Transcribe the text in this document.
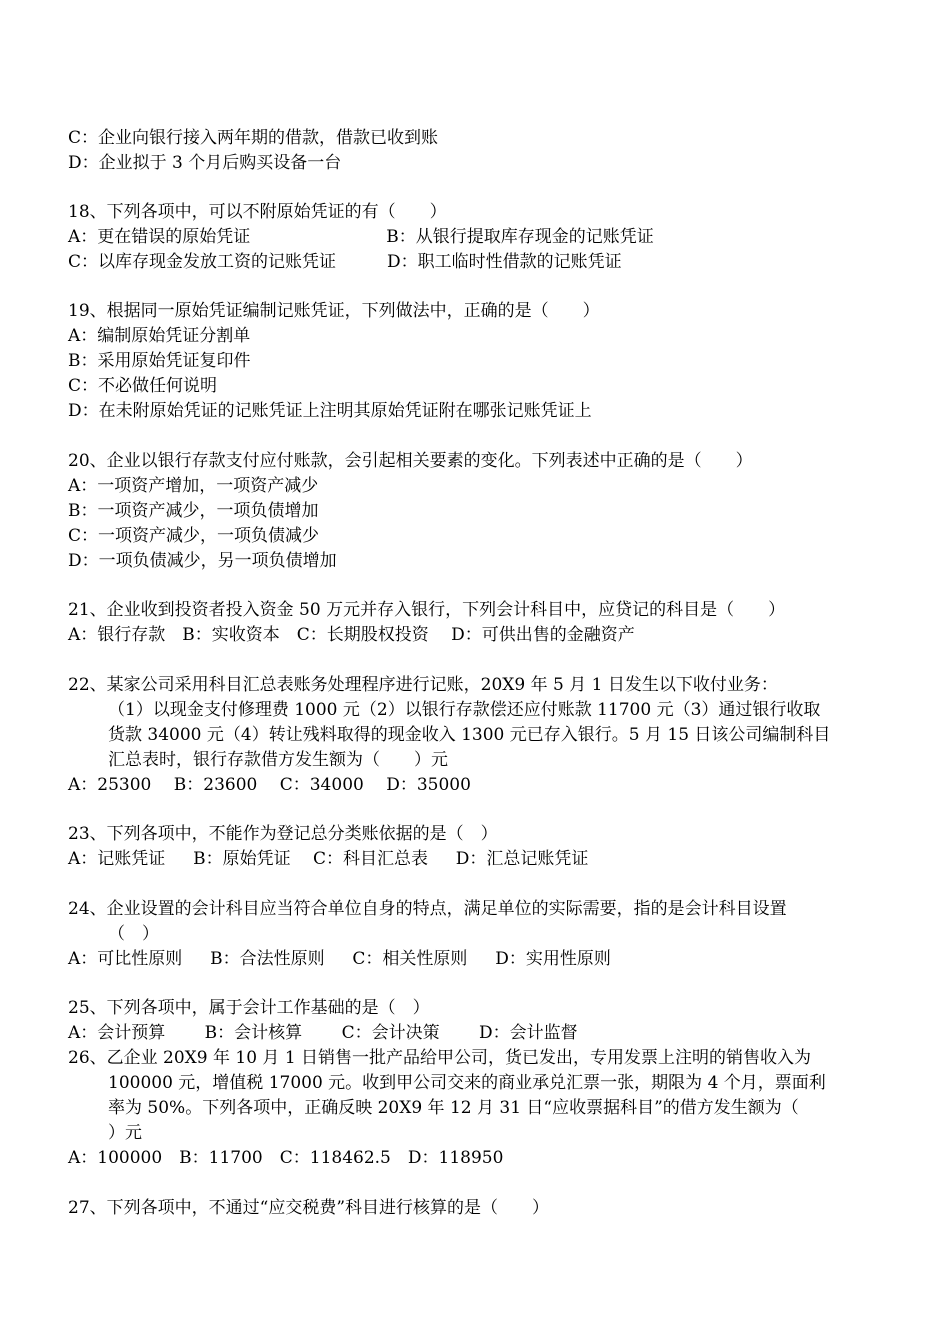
C：企业向银行接入两年期的借款，借款已收到账
D：企业拟于 3 个月后购买设备一台
18、下列各项中，可以不附原始凭证的有（　　）
A：更在错误的原始凭证　　　　　　　　B：从银行提取库存现金的记账凭证
C：以库存现金发放工资的记账凭证　　　D：职工临时性借款的记账凭证
19、根据同一原始凭证编制记账凭证，下列做法中，正确的是（　　）
A：编制原始凭证分割单
B：采用原始凭证复印件
C：不必做任何说明
D：在未附原始凭证的记账凭证上注明其原始凭证附在哪张记账凭证上
20、企业以银行存款支付应付账款，会引起相关要素的变化。下列表述中正确的是（　　）
A：一项资产增加，一项资产减少
B：一项资产减少，一项负债增加
C：一项资产减少，一项负债减少
D：一项负债减少，另一项负债增加
21、企业收到投资者投入资金 50 万元并存入银行，下列会计科目中，应贷记的科目是（　　）
A：银行存款　B：实收资本　C：长期股权投资　 D：可供出售的金融资产
22、某家公司采用科目汇总表账务处理程序进行记账，20X9 年 5 月 1 日发生以下收付业务：
（1）以现金支付修理费 1000 元（2）以银行存款偿还应付账款 11700 元（3）通过银行收取
货款 34000 元（4）转让残料取得的现金收入 1300 元已存入银行。5 月 15 日该公司编制科目
汇总表时，银行存款借方发生额为（　　）元
A：25300　 B：23600　 C：34000　 D：35000
23、下列各项中，不能作为登记总分类账依据的是（　）
A：记账凭证　  B：原始凭证　 C：科目汇总表　  D：汇总记账凭证
24、企业设置的会计科目应当符合单位自身的特点，满足单位的实际需要，指的是会计科目设置
（　）
A：可比性原则　  B：合法性原则　  C：相关性原则　  D：实用性原则
25、下列各项中，属于会计工作基础的是（　）
A：会计预算　　 B：会计核算　　 C：会计决策　　 D：会计监督
26、乙企业 20X9 年 10 月 1 日销售一批产品给甲公司，货已发出，专用发票上注明的销售收入为
100000 元，增值税 17000 元。收到甲公司交来的商业承兑汇票一张，期限为 4 个月，票面利
率为 50%。下列各项中，正确反映 20X9 年 12 月 31 日“应收票据科目”的借方发生额为（
）元
A：100000　B：11700　C：118462.5　D：118950
27、下列各项中，不通过“应交税费”科目进行核算的是（　　）
